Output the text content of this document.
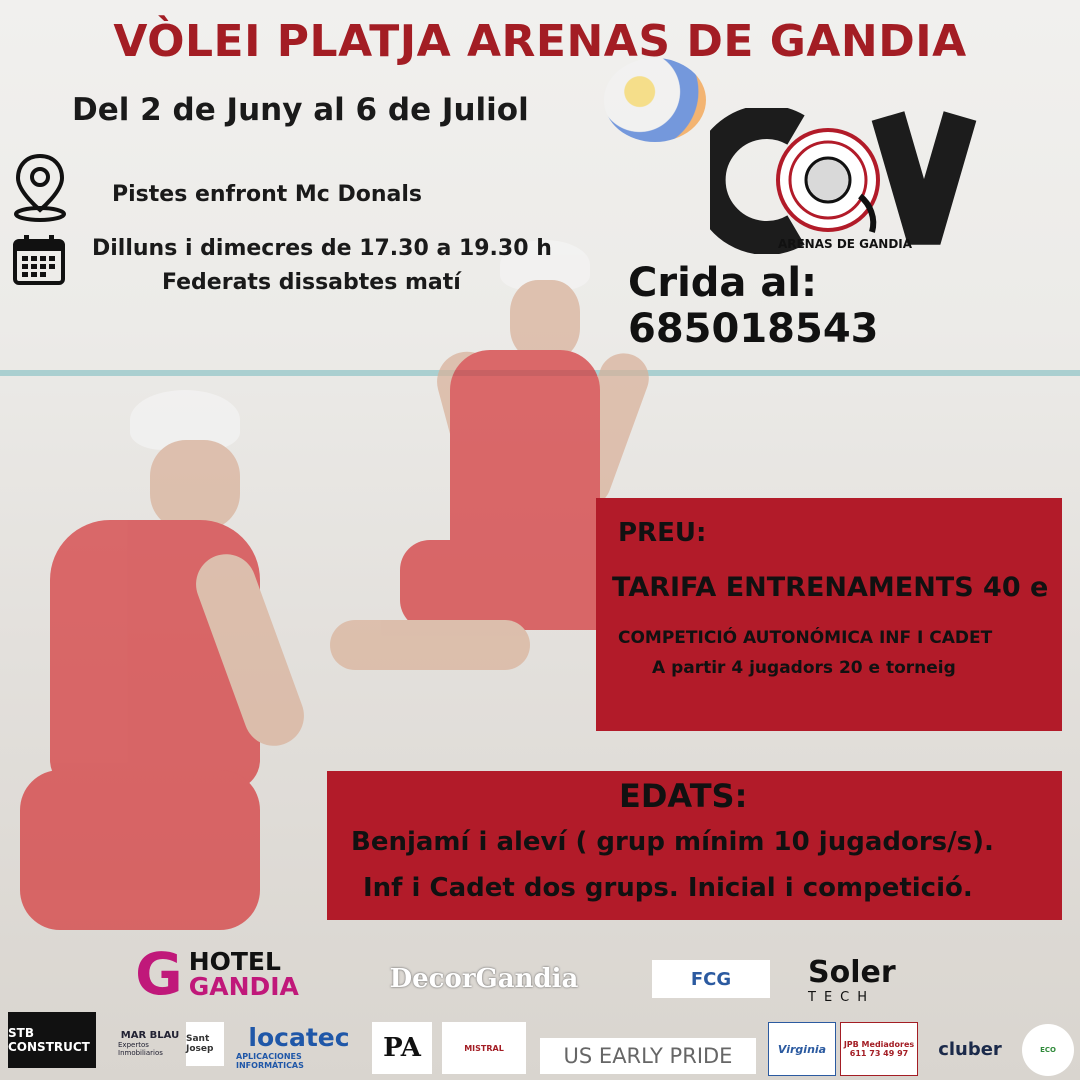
VÒLEI PLATJA ARENAS DE GANDIA
Del 2 de Juny al 6 de Juliol
Pistes enfront Mc Donals
Dilluns i dimecres de 17.30 a 19.30 h
Federats dissabtes matí
ARENAS DE GANDIA
Crida al: 685018543
PREU:
TARIFA ENTRENAMENTS 40 e
COMPETICIÓ AUTONÓMICA INF I CADET
A partir 4 jugadors 20 e torneig
EDATS:
Benjamí i aleví ( grup mínim 10 jugadors/s).
Inf i Cadet dos grups. Inicial i competició.
G HOTEL
GANDIA	DecorGandia	FCG	Soler
TECH
STB CONSTRUCT
MAR BLAU
Expertos Inmobiliarios
Sant Josep	locatec
APLICACIONES INFORMÁTICAS
PA	MISTRAL	US EARLY PRIDE	Virginia	JPB Mediadores
611 73 49 97	cluber	ECO
